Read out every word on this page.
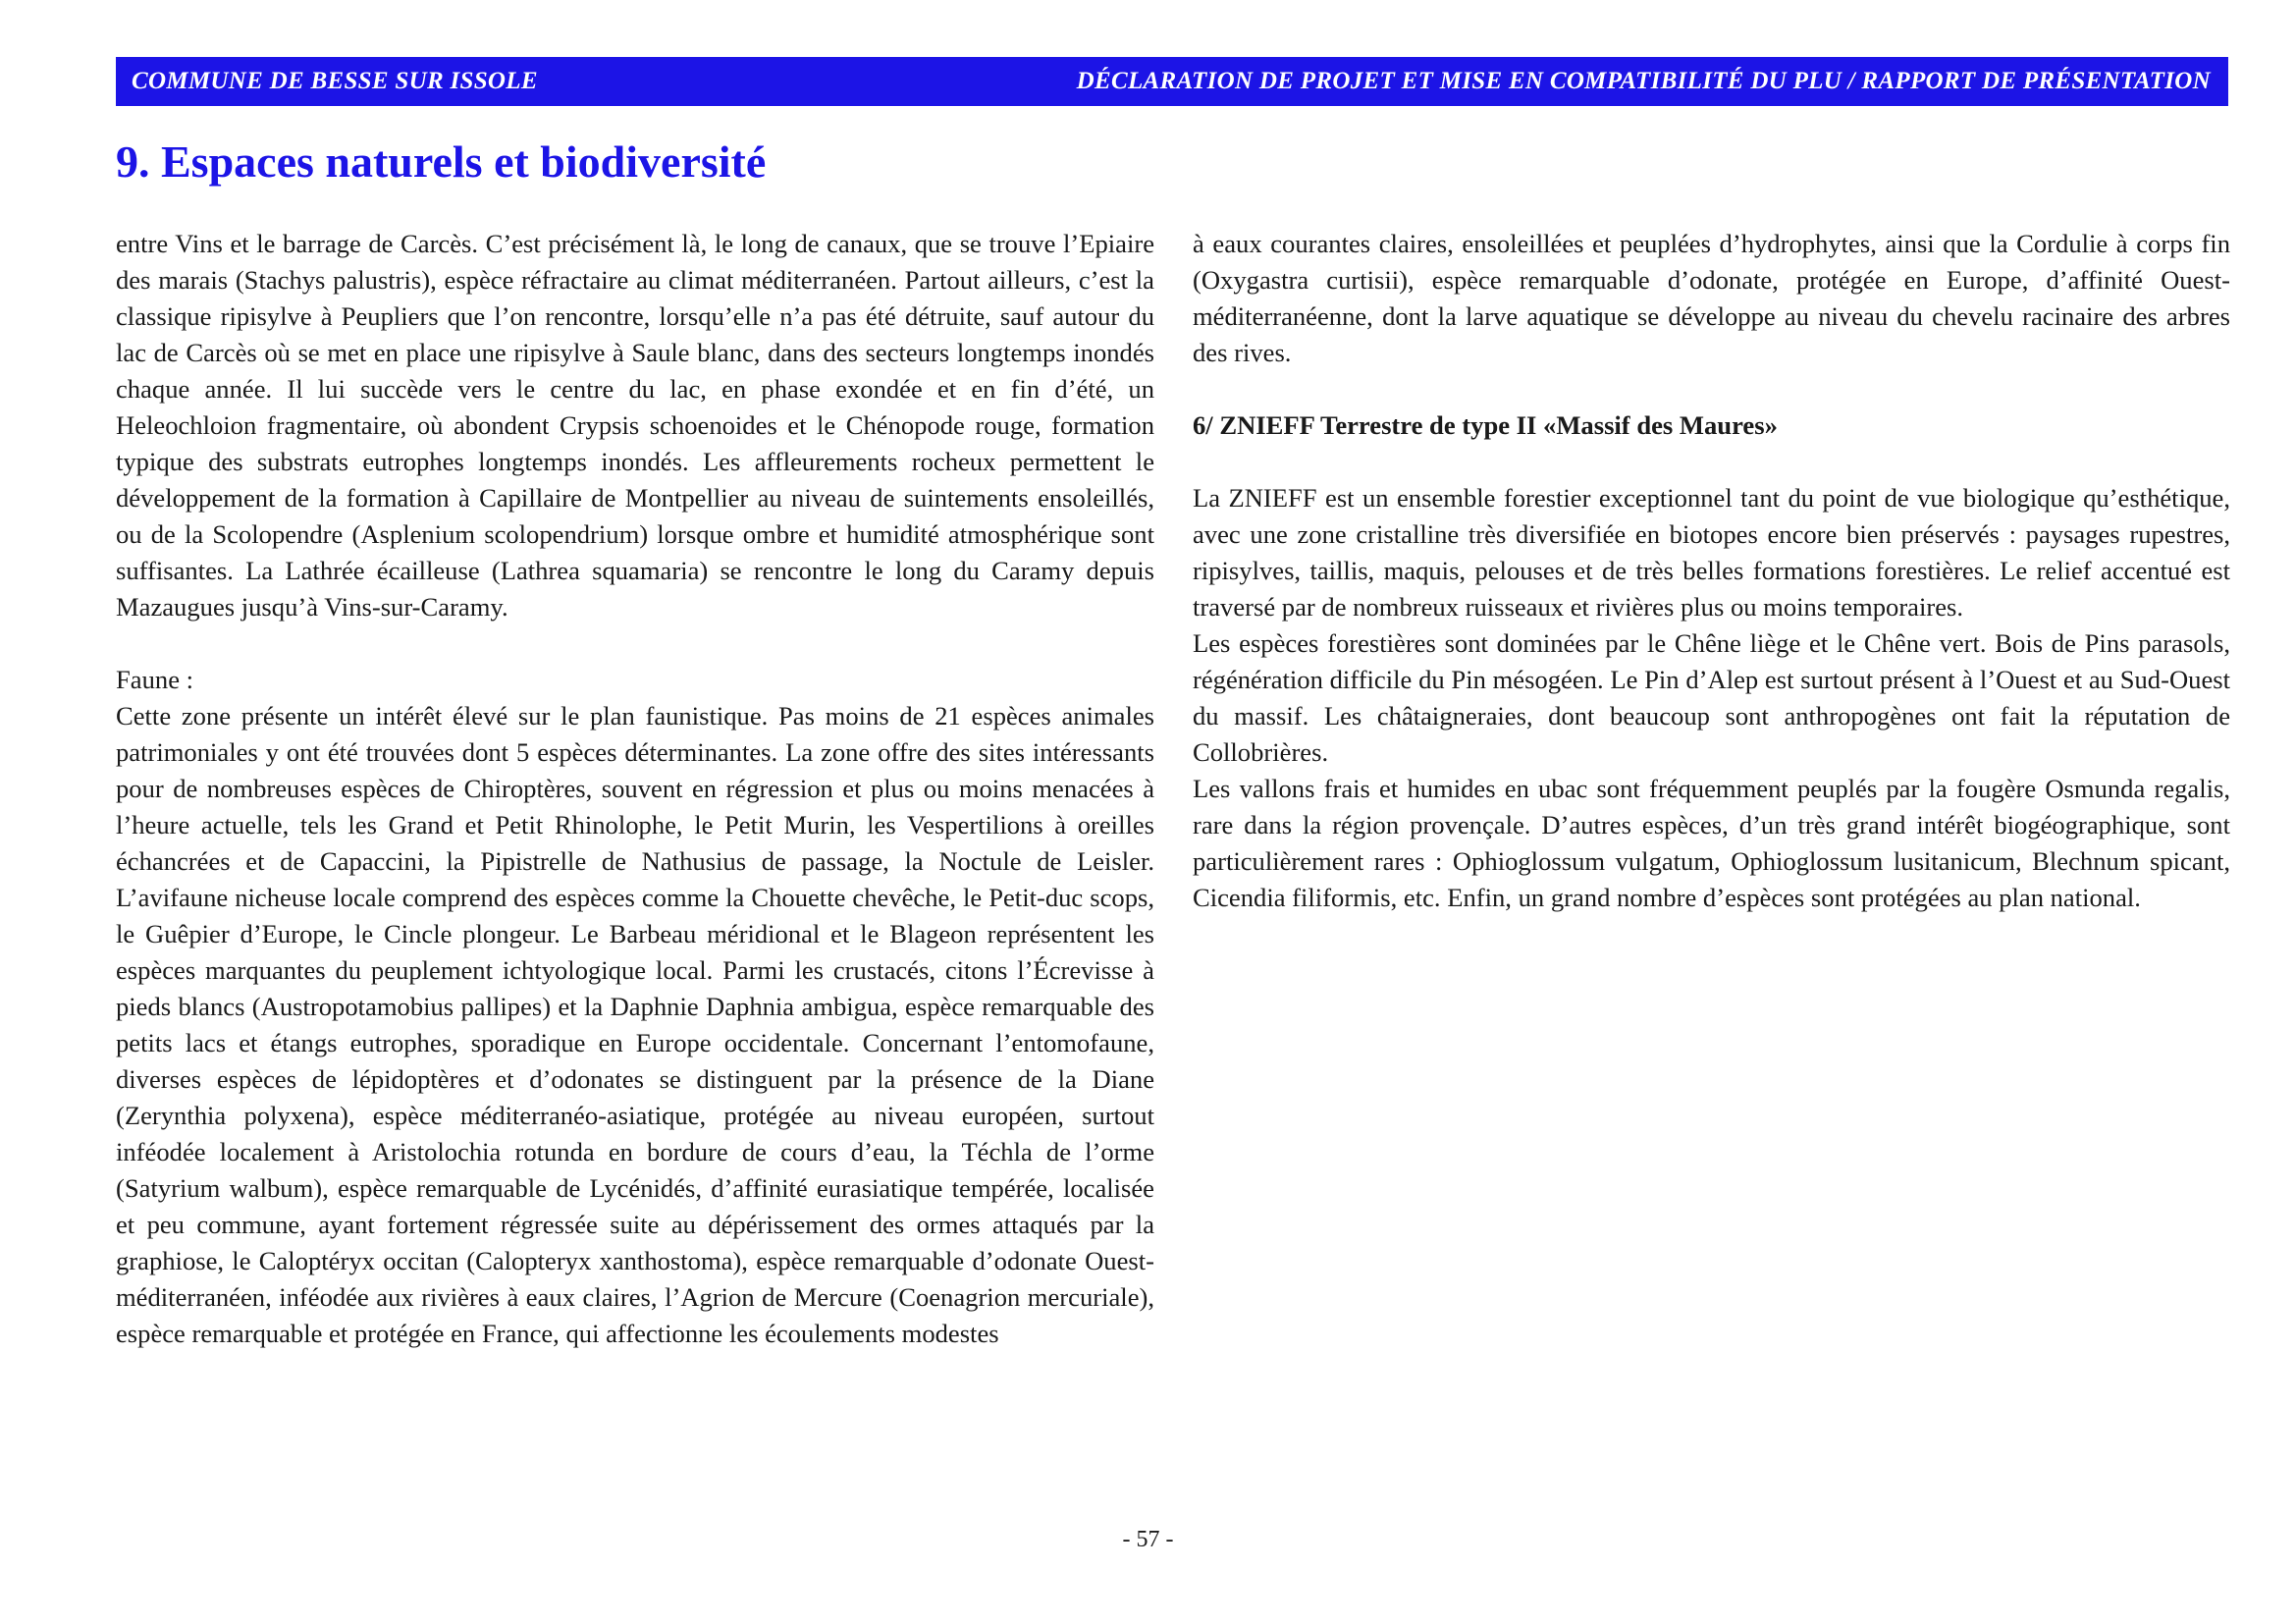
COMMUNE DE BESSE SUR ISSOLE	DÉCLARATION DE PROJET ET MISE EN COMPATIBILITÉ DU PLU / RAPPORT DE PRÉSENTATION
9. Espaces naturels et biodiversité

entre Vins et le barrage de Carcès. C’est précisément là, le long de canaux, que se trouve l’Epiaire des marais (Stachys palustris), espèce réfractaire au climat méditerranéen. Partout ailleurs, c’est la classique ripisylve à Peupliers que l’on rencontre, lorsqu’elle n’a pas été détruite, sauf autour du lac de Carcès où se met en place une ripisylve à Saule blanc, dans des secteurs longtemps inondés chaque année. Il lui succède vers le centre du lac, en phase exondée et en fin d’été, un Heleochloion fragmentaire, où abondent Crypsis schoenoides et le Chénopode rouge, formation typique des substrats eutrophes longtemps inondés. Les affleurements rocheux permettent le développement de la formation à Capillaire de Montpellier au niveau de suintements ensoleillés, ou de la Scolopendre (Asplenium scolopendrium) lorsque ombre et humidité atmosphérique sont suffisantes. La Lathrée écailleuse (Lathrea squamaria) se rencontre le long du Caramy depuis Mazaugues jusqu’à Vins-sur-Caramy.

Faune :

Cette zone présente un intérêt élevé sur le plan faunistique. Pas moins de 21 espèces animales patrimoniales y ont été trouvées dont 5 espèces déterminantes. La zone offre des sites intéressants pour de nombreuses espèces de Chiroptères, souvent en régression et plus ou moins menacées à l’heure actuelle, tels les Grand et Petit Rhinolophe, le Petit Murin, les Vespertilions à oreilles échancrées et de Capaccini, la Pipistrelle de Nathusius de passage, la Noctule de Leisler. L’avifaune nicheuse locale comprend des espèces comme la Chouette chevêche, le Petit-duc scops, le Guêpier d’Europe, le Cincle plongeur. Le Barbeau méridional et le Blageon représentent les espèces marquantes du peuplement ichtyologique local. Parmi les crustacés, citons l’Écrevisse à pieds blancs (Austropotamobius pallipes) et la Daphnie Daphnia ambigua, espèce remarquable des petits lacs et étangs eutrophes, sporadique en Europe occidentale. Concernant l’entomofaune, diverses espèces de lépidoptères et d’odonates se distinguent par la présence de la Diane (Zerynthia polyxena), espèce méditerranéo-asiatique, protégée au niveau européen, surtout inféodée localement à Aristolochia rotunda en bordure de cours d’eau, la Téchla de l’orme (Satyrium walbum), espèce remarquable de Lycénidés, d’affinité eurasiatique tempérée, localisée et peu commune, ayant fortement régressée suite au dépérissement des ormes attaqués par la graphiose, le Caloptéryx occitan (Calopteryx xanthostoma), espèce remarquable d’odonate Ouest-méditerranéen, inféodée aux rivières à eaux claires, l’Agrion de Mercure (Coenagrion mercuriale), espèce remarquable et protégée en France, qui affectionne les écoulements modestes

à eaux courantes claires, ensoleillées et peuplées d’hydrophytes, ainsi que la Cordulie à corps fin (Oxygastra curtisii), espèce remarquable d’odonate, protégée en Europe, d’affinité Ouest-méditerranéenne, dont la larve aquatique se développe au niveau du chevelu racinaire des arbres des rives.

6/ ZNIEFF Terrestre de type II «Massif des Maures»

La ZNIEFF est un ensemble forestier exceptionnel tant du point de vue biologique qu’esthétique, avec une zone cristalline très diversifiée en biotopes encore bien préservés : paysages rupestres, ripisylves, taillis, maquis, pelouses et de très belles formations forestières. Le relief accentué est traversé par de nombreux ruisseaux et rivières plus ou moins temporaires.

Les espèces forestières sont dominées par le Chêne liège et le Chêne vert. Bois de Pins parasols, régénération difficile du Pin mésogéen. Le Pin d’Alep est surtout présent à l’Ouest et au Sud-Ouest du massif. Les châtaigneraies, dont beaucoup sont anthropogènes ont fait la réputation de Collobrières.

Les vallons frais et humides en ubac sont fréquemment peuplés par la fougère Osmunda regalis, rare dans la région provençale. D’autres espèces, d’un très grand intérêt biogéographique, sont particulièrement rares : Ophioglossum vulgatum, Ophioglossum lusitanicum, Blechnum spicant, Cicendia filiformis, etc. Enfin, un grand nombre d’espèces sont protégées au plan national.

- 57 -
